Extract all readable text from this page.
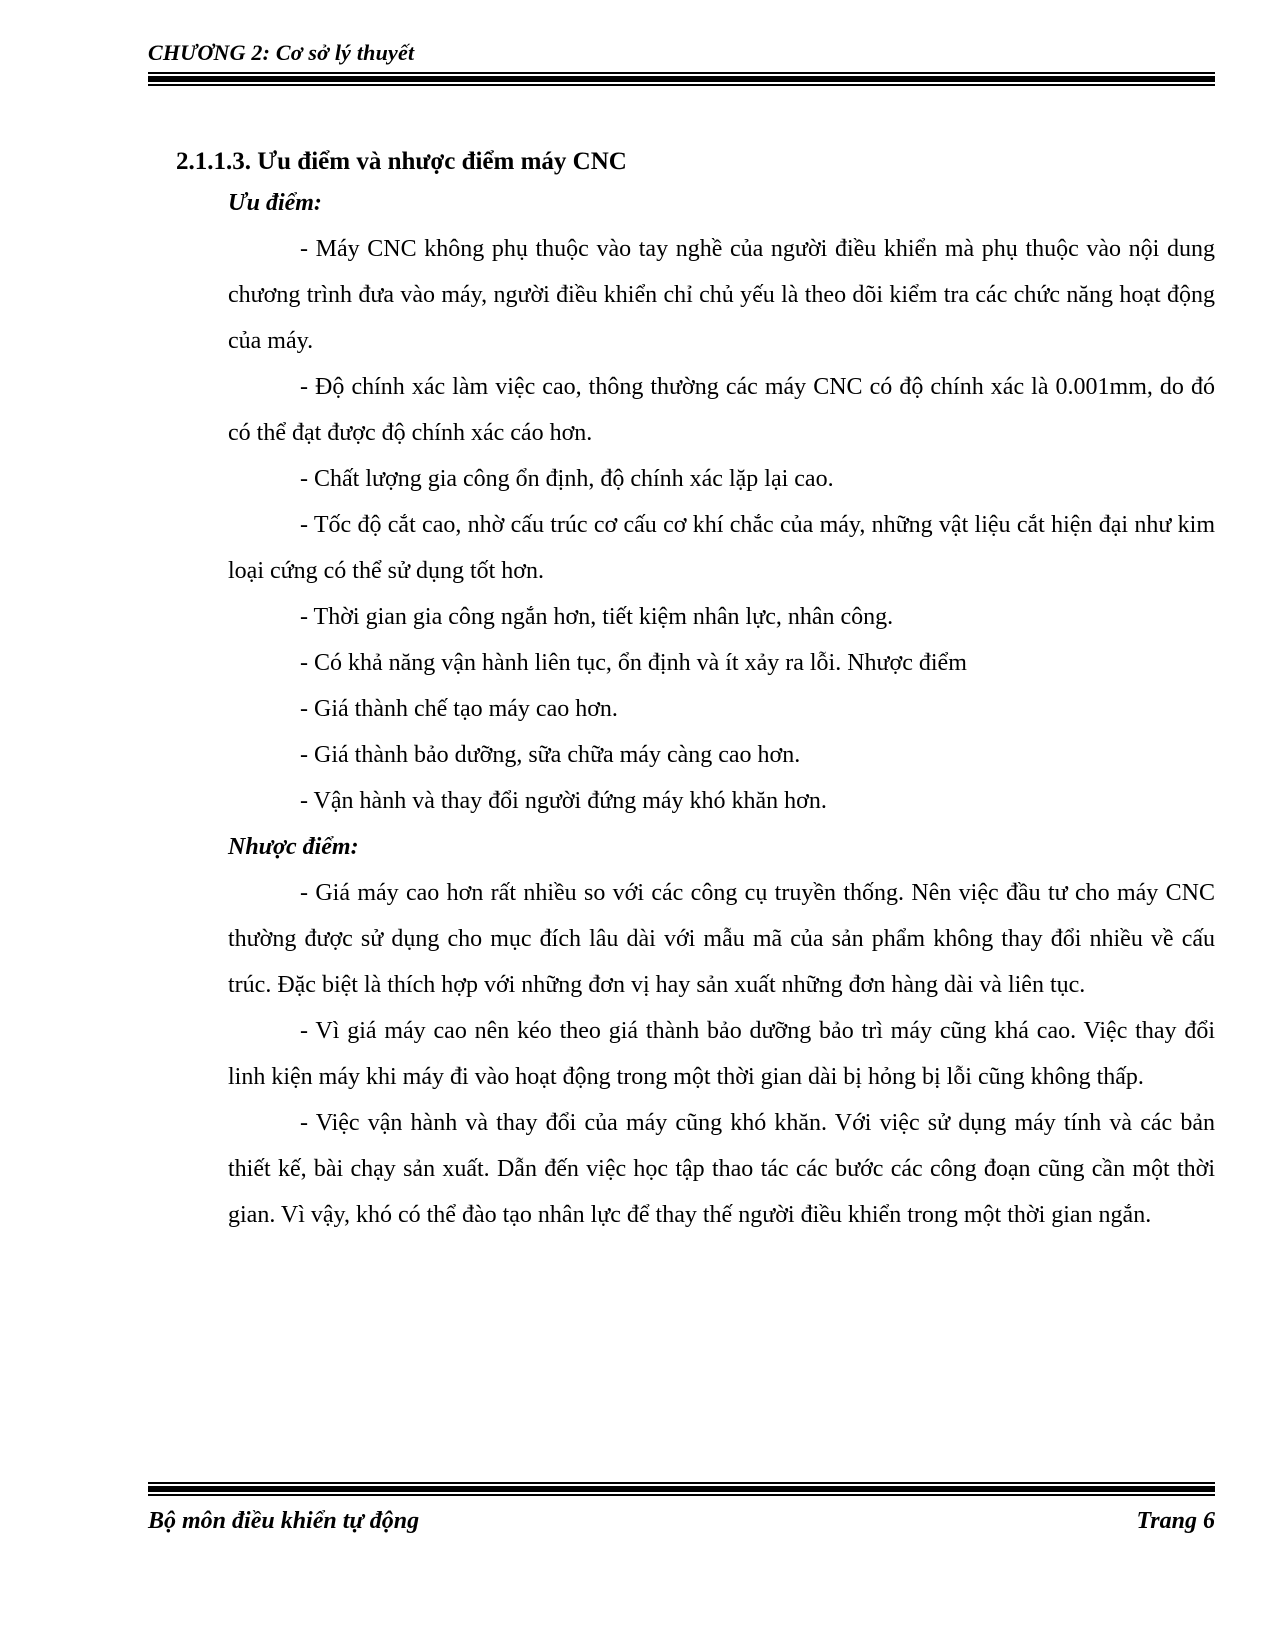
CHƯƠNG 2: Cơ sở lý thuyết
2.1.1.3. Ưu điểm và nhược điểm máy CNC

Ưu điểm:

- Máy CNC không phụ thuộc vào tay nghề của người điều khiển mà phụ thuộc vào nội dung chương trình đưa vào máy, người điều khiển chỉ chủ yếu là theo dõi kiểm tra các chức năng hoạt động của máy.

- Độ chính xác làm việc cao, thông thường các máy CNC có độ chính xác là 0.001mm, do đó có thể đạt được độ chính xác cáo hơn.

- Chất lượng gia công ổn định, độ chính xác lặp lại cao.

- Tốc độ cắt cao, nhờ cấu trúc cơ cấu cơ khí chắc của máy, những vật liệu cắt hiện đại như kim loại cứng có thể sử dụng tốt hơn.

- Thời gian gia công ngắn hơn, tiết kiệm nhân lực, nhân công.

- Có khả năng vận hành liên tục, ổn định và ít xảy ra lỗi. Nhược điểm

- Giá thành chế tạo máy cao hơn.

- Giá thành bảo dưỡng, sữa chữa máy càng cao hơn.

- Vận hành và thay đổi người đứng máy khó khăn hơn.

Nhược điểm:

- Giá máy cao hơn rất nhiều so với các công cụ truyền thống. Nên việc đầu tư cho máy CNC thường được sử dụng cho mục đích lâu dài với mẫu mã của sản phẩm không thay đổi nhiều về cấu trúc. Đặc biệt là thích hợp với những đơn vị hay sản xuất những đơn hàng dài và liên tục.

- Vì giá máy cao nên kéo theo giá thành bảo dưỡng bảo trì máy cũng khá cao. Việc thay đổi linh kiện máy khi máy đi vào hoạt động trong một thời gian dài bị hỏng bị lỗi cũng không thấp.

- Việc vận hành và thay đổi của máy cũng khó khăn. Với việc sử dụng máy tính và các bản thiết kế, bài chạy sản xuất. Dẫn đến việc học tập thao tác các bước các công đoạn cũng cần một thời gian. Vì vậy, khó có thể đào tạo nhân lực để thay thế người điều khiển trong một thời gian ngắn.

Bộ môn điều khiển tự động	Trang 6
